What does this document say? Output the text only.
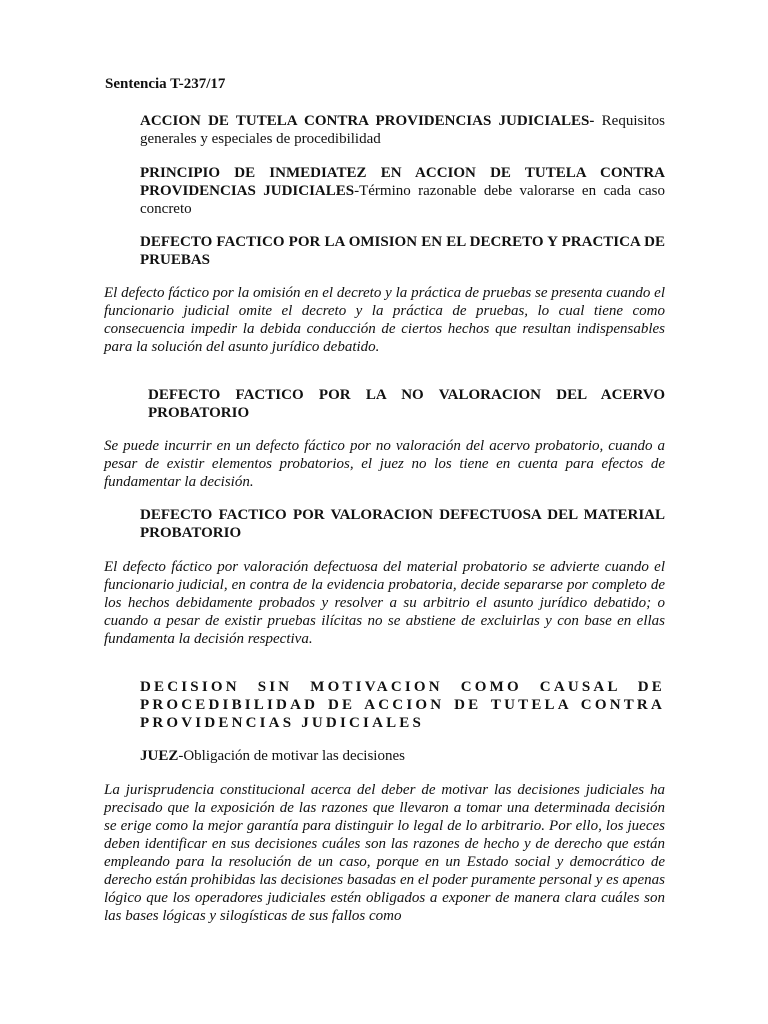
Sentencia T-237/17
ACCION DE TUTELA CONTRA PROVIDENCIAS JUDICIALES- Requisitos generales y especiales de procedibilidad
PRINCIPIO DE INMEDIATEZ EN ACCION DE TUTELA CONTRA PROVIDENCIAS JUDICIALES-Término razonable debe valorarse en cada caso concreto
DEFECTO FACTICO POR LA OMISION EN EL DECRETO Y PRACTICA DE PRUEBAS
El defecto fáctico por la omisión en el decreto y la práctica de pruebas se presenta cuando el funcionario judicial omite el decreto y la práctica de pruebas, lo cual tiene como consecuencia impedir la debida conducción de ciertos hechos que resultan indispensables para la solución del asunto jurídico debatido.
DEFECTO FACTICO POR LA NO VALORACION DEL ACERVO PROBATORIO
Se puede incurrir en un defecto fáctico por no valoración del acervo probatorio, cuando a pesar de existir elementos probatorios, el juez no los tiene en cuenta para efectos de fundamentar la decisión.
DEFECTO FACTICO POR VALORACION DEFECTUOSA DEL MATERIAL PROBATORIO
El defecto fáctico por valoración defectuosa del material probatorio se advierte cuando el funcionario judicial, en contra de la evidencia probatoria, decide separarse por completo de los hechos debidamente probados y resolver a su arbitrio el asunto jurídico debatido; o cuando a pesar de existir pruebas ilícitas no se abstiene de excluirlas y con base en ellas fundamenta la decisión respectiva.
DECISION SIN MOTIVACION COMO CAUSAL DE PROCEDIBILIDAD DE ACCION DE TUTELA CONTRA PROVIDENCIAS JUDICIALES
JUEZ-Obligación de motivar las decisiones
La jurisprudencia constitucional acerca del deber de motivar las decisiones judiciales ha precisado que la exposición de las razones que llevaron a tomar una determinada decisión se erige como la mejor garantía para distinguir lo legal de lo arbitrario. Por ello, los jueces deben identificar en sus decisiones cuáles son las razones de hecho y de derecho que están empleando para la resolución de un caso, porque en un Estado social y democrático de derecho están prohibidas las decisiones basadas en el poder puramente personal y es apenas lógico que los operadores judiciales estén obligados a exponer de manera clara cuáles son las bases lógicas y silogísticas de sus fallos como
